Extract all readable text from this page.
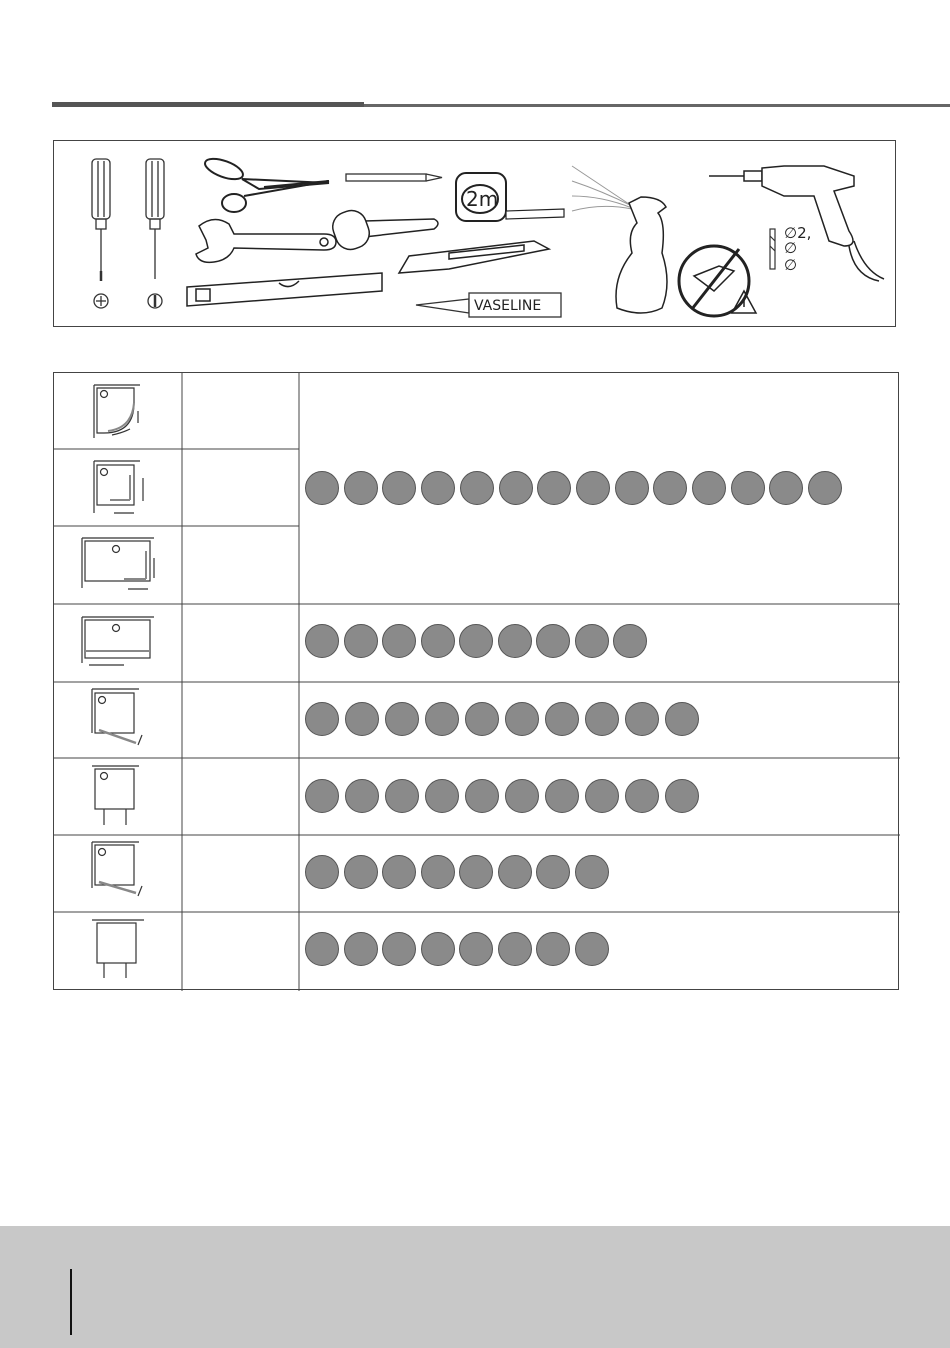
2m
VASELINE
∅2,
∅
∅
